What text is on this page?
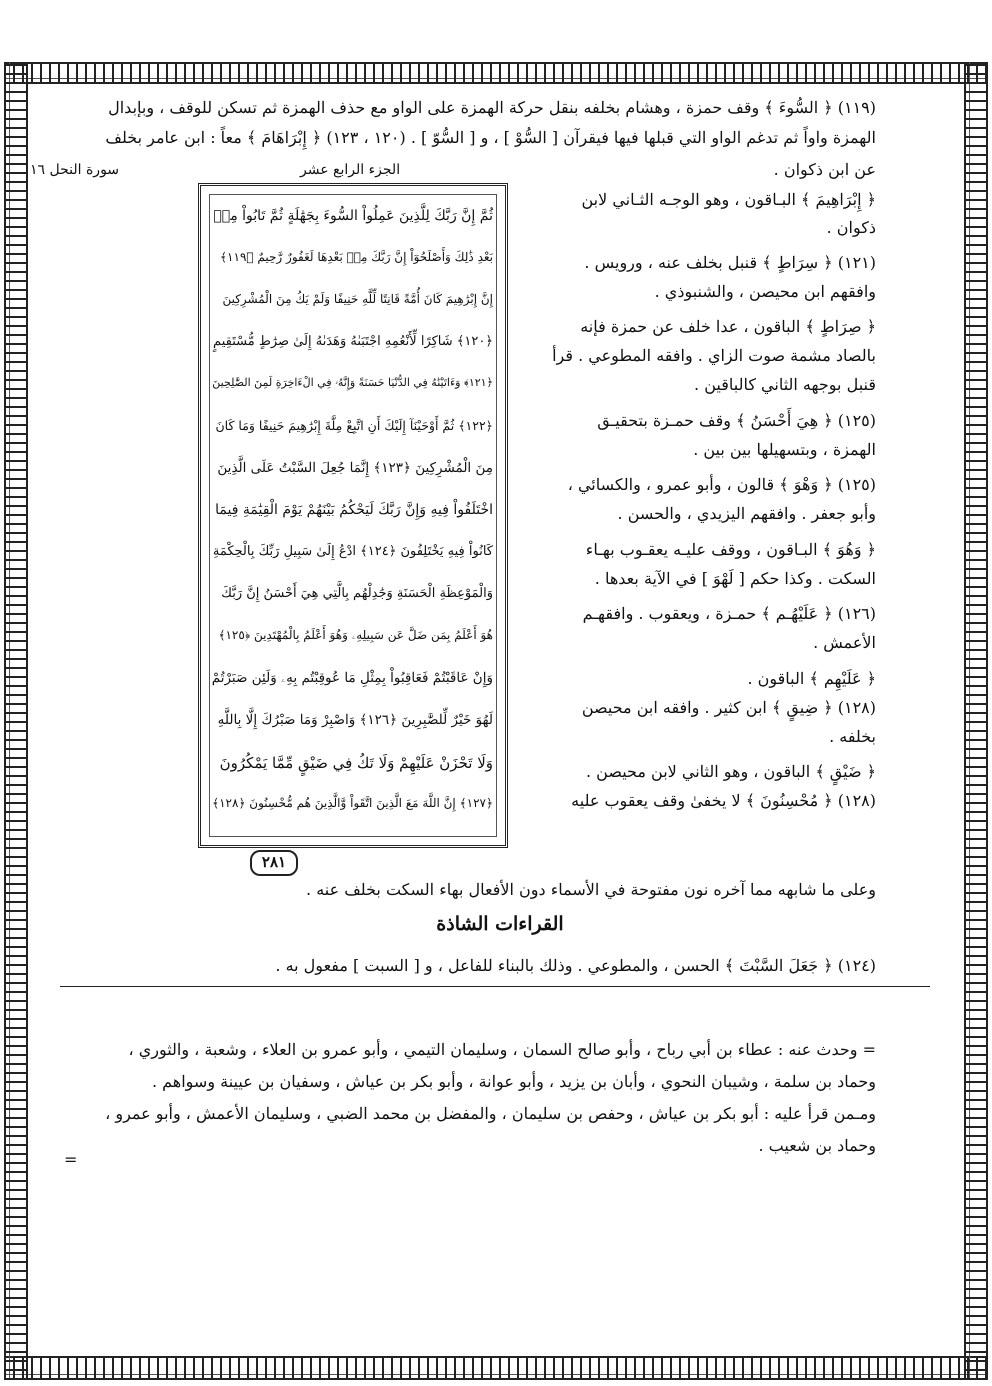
(١١٩) ﴿ السُّوءَ ﴾ وقف حمزة ، وهشام بخلفه بنقل حركة الهمزة على الواو مع حذف الهمزة ثم تسكن للوقف ، وبإبدال
الهمزة واواً ثم تدغم الواو التي قبلها فيها فيقرآن [ السُّوْ ] ، و [ السُّوّ ] . (١٢٠ ، ١٢٣) ﴿ إِبْرَاهَامَ ﴾ معاً : ابن عامر بخلف
عن ابن ذكوان .
الجزء الرابع عشر
سورة النحل ١٦
﴿ إِبْرَاهِيمَ ﴾ البـاقون ، وهو الوجـه الثـاني لابن
ذكوان .
(١٢١) ﴿ سِرَاطٍ ﴾ قنبل بخلف عنه ، ورويس .
وافقهم ابن محيصن ، والشنبوذي .
﴿ صِرَاطٍ ﴾ الباقون ، عدا خلف عن حمزة فإنه
بالصاد مشمة صوت الزاي . وافقه المطوعي . قرأ
قنبل بوجهه الثاني كالباقين .
(١٢٥) ﴿ هِيَ أَحْسَنُ ﴾ وقف حمـزة بتحقيـق
الهمزة ، وبتسهيلها بين بين .
(١٢٥) ﴿ وَهْوَ ﴾ قالون ، وأبو عمرو ، والكسائي ،
وأبو جعفر . وافقهم اليزيدي ، والحسن .
﴿ وَهُوَ ﴾ البـاقون ، ووقف عليـه يعقـوب بهـاء
السكت . وكذا حكم [ لَهْوَ ] في الآية بعدها .
(١٢٦) ﴿ عَلَيْهُـم ﴾ حمـزة ، ويعقوب . وافقهـم
الأعمش .
﴿ عَلَيْهِم ﴾ الباقون .
(١٢٨) ﴿ ضِيقٍ ﴾ ابن كثير . وافقه ابن محيصن
بخلفه .
﴿ ضَيْقٍ ﴾ الباقون ، وهو الثاني لابن محيصن .
(١٢٨) ﴿ مُحْسِنُونَ ﴾ لا يخفىٰ وقف يعقوب عليه
ثُمَّ إِنَّ رَبَّكَ لِلَّذِينَ عَمِلُواْ السُّوءَ بِجَهَٰلَةٍ ثُمَّ تَابُواْ مِنۢ
بَعْدِ ذَٰلِكَ وَأَصْلَحُوٓاْ إِنَّ رَبَّكَ مِنۢ بَعْدِهَا لَغَفُورٌ رَّحِيمٌ ﴿١١٩﴾
إِنَّ إِبْرَٰهِيمَ كَانَ أُمَّةً قَانِتًا لِّلَّهِ حَنِيفًا وَلَمْ يَكُ مِنَ الْمُشْرِكِينَ
﴿١٢٠﴾ شَاكِرًا لِّأَنْعُمِهِ اجْتَبَىٰهُ وَهَدَىٰهُ إِلَىٰ صِرَٰطٍ مُّسْتَقِيمٍ
﴿١٢١﴾ وَءَاتَيْنَٰهُ فِي الدُّنْيَا حَسَنَةً وَإِنَّهُۥ فِي الْءَاخِرَةِ لَمِنَ الصَّٰلِحِينَ
﴿١٢٢﴾ ثُمَّ أَوْحَيْنَآ إِلَيْكَ أَنِ اتَّبِعْ مِلَّةَ إِبْرَٰهِيمَ حَنِيفًا وَمَا كَانَ
مِنَ الْمُشْرِكِينَ ﴿١٢٣﴾ إِنَّمَا جُعِلَ السَّبْتُ عَلَى الَّذِينَ
اخْتَلَفُواْ فِيهِ وَإِنَّ رَبَّكَ لَيَحْكُمُ بَيْنَهُمْ يَوْمَ الْقِيَٰمَةِ فِيمَا
كَانُواْ فِيهِ يَخْتَلِفُونَ ﴿١٢٤﴾ ادْعُ إِلَىٰ سَبِيلِ رَبِّكَ بِالْحِكْمَةِ
وَالْمَوْعِظَةِ الْحَسَنَةِ وَجَٰدِلْهُم بِالَّتِي هِيَ أَحْسَنُ إِنَّ رَبَّكَ
هُوَ أَعْلَمُ بِمَن ضَلَّ عَن سَبِيلِهِۦ وَهُوَ أَعْلَمُ بِالْمُهْتَدِينَ ﴿١٢٥﴾
وَإِنْ عَاقَبْتُمْ فَعَاقِبُواْ بِمِثْلِ مَا عُوقِبْتُم بِهِۦ وَلَئِن صَبَرْتُمْ
لَهُوَ خَيْرٌ لِّلصَّٰبِرِينَ ﴿١٢٦﴾ وَاصْبِرْ وَمَا صَبْرُكَ إِلَّا بِاللَّهِ
وَلَا تَحْزَنْ عَلَيْهِمْ وَلَا تَكُ فِي ضَيْقٍ مِّمَّا يَمْكُرُونَ
﴿١٢٧﴾ إِنَّ اللَّهَ مَعَ الَّذِينَ اتَّقَواْ وَّالَّذِينَ هُم مُّحْسِنُونَ ﴿١٢٨﴾
٢٨١
وعلى ما شابهه مما آخره نون مفتوحة في الأسماء دون الأفعال بهاء السكت بخلف عنه .
القراءات الشاذة
(١٢٤) ﴿ جَعَلَ السَّبْتَ ﴾ الحسن ، والمطوعي . وذلك بالبناء للفاعل ، و [ السبت ] مفعول به .
= وحدث عنه : عطاء بن أبي رباح ، وأبو صالح السمان ، وسليمان التيمي ، وأبو عمرو بن العلاء ، وشعبة ، والثوري ،
وحماد بن سلمة ، وشيبان النحوي ، وأبان بن يزيد ، وأبو عوانة ، وأبو بكر بن عياش ، وسفيان بن عيينة وسواهم .
ومـمن قرأ عليه : أبو بكر بن عياش ، وحفص بن سليمان ، والمفضل بن محمد الضبي ، وسليمان الأعمش ، وأبو عمرو ،
وحماد بن شعيب .
=
